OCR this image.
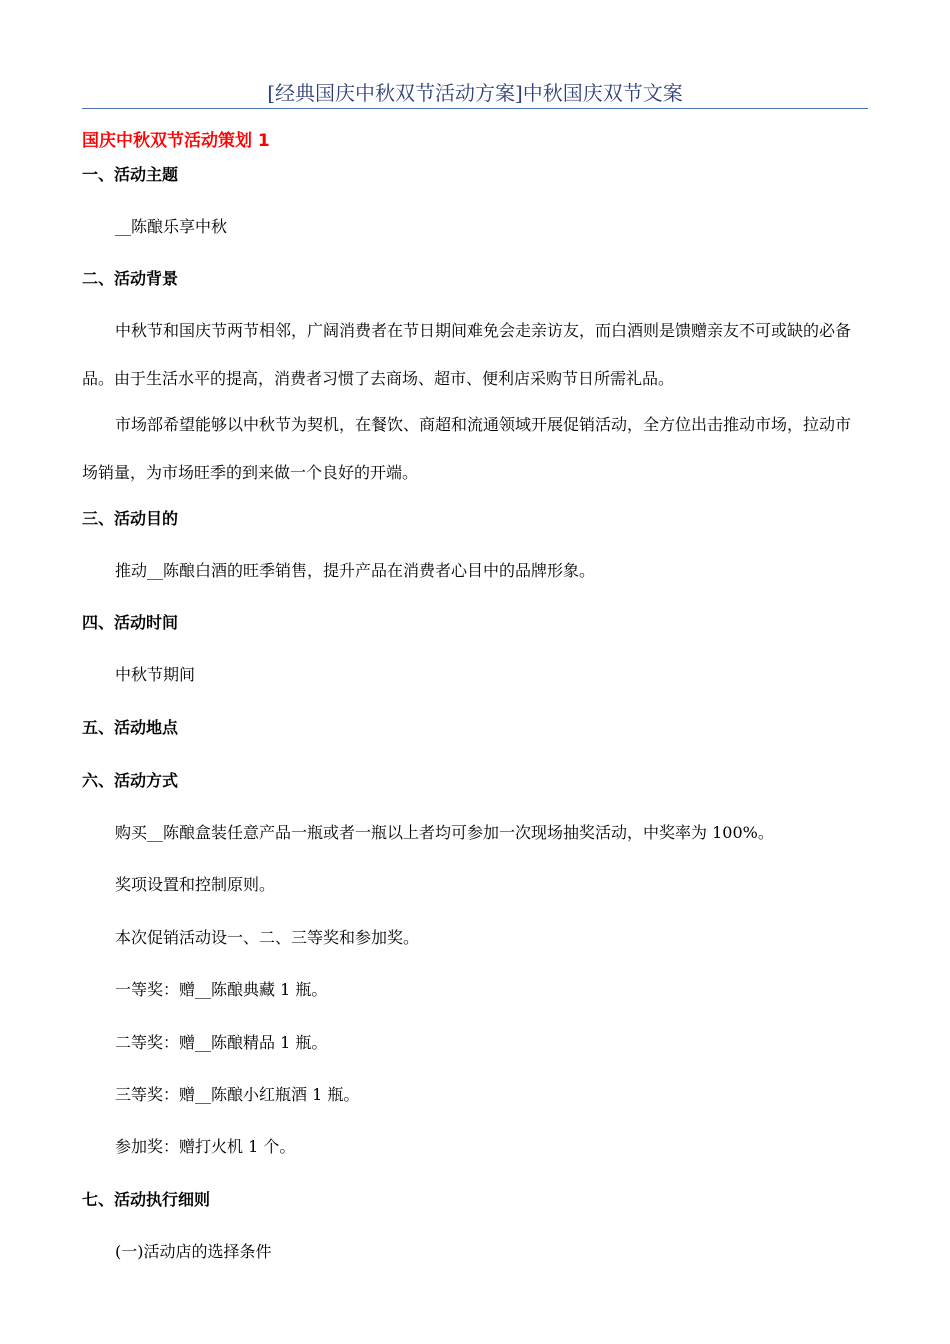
[经典国庆中秋双节活动方案]中秋国庆双节文案
国庆中秋双节活动策划 1
一、活动主题
__陈酿乐享中秋
二、活动背景

中秋节和国庆节两节相邻，广阔消费者在节日期间难免会走亲访友，而白酒则是馈赠亲友不可或缺的必备品。由于生活水平的提高，消费者习惯了去商场、超市、便利店采购节日所需礼品。

市场部希望能够以中秋节为契机，在餐饮、商超和流通领域开展促销活动，全方位出击推动市场，拉动市场销量，为市场旺季的到来做一个良好的开端。

三、活动目的
推动__陈酿白酒的旺季销售，提升产品在消费者心目中的品牌形象。
四、活动时间
中秋节期间
五、活动地点
六、活动方式
购买__陈酿盒装任意产品一瓶或者一瓶以上者均可参加一次现场抽奖活动，中奖率为 100%。
奖项设置和控制原则。
本次促销活动设一、二、三等奖和参加奖。
一等奖：赠__陈酿典藏 1 瓶。
二等奖：赠__陈酿精品 1 瓶。
三等奖：赠__陈酿小红瓶酒 1 瓶。
参加奖：赠打火机 1 个。
七、活动执行细则
(一)活动店的选择条件
